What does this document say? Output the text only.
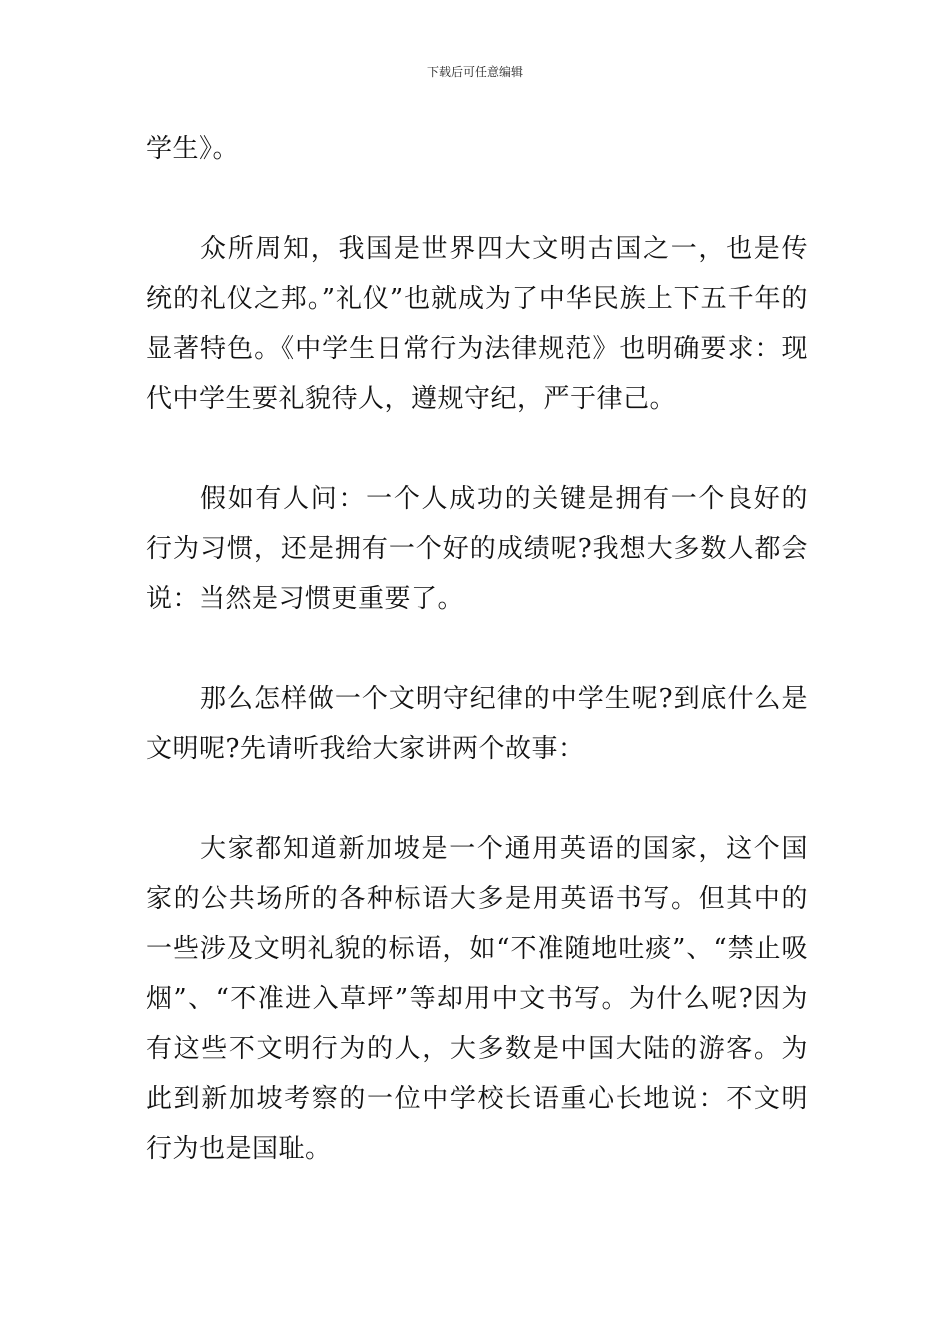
下载后可任意编辑

学生》。

众所周知，我国是世界四大文明古国之一，也是传统的礼仪之邦。”礼仪”也就成为了中华民族上下五千年的显著特色。《中学生日常行为法律规范》也明确要求：现代中学生要礼貌待人，遵规守纪，严于律己。

假如有人问：一个人成功的关键是拥有一个良好的行为习惯，还是拥有一个好的成绩呢?我想大多数人都会说：当然是习惯更重要了。

那么怎样做一个文明守纪律的中学生呢?到底什么是文明呢?先请听我给大家讲两个故事：

大家都知道新加坡是一个通用英语的国家，这个国家的公共场所的各种标语大多是用英语书写。但其中的一些涉及文明礼貌的标语，如“不准随地吐痰”、“禁止吸烟”、“不准进入草坪”等却用中文书写。为什么呢?因为有这些不文明行为的人，大多数是中国大陆的游客。为此到新加坡考察的一位中学校长语重心长地说：不文明行为也是国耻。
